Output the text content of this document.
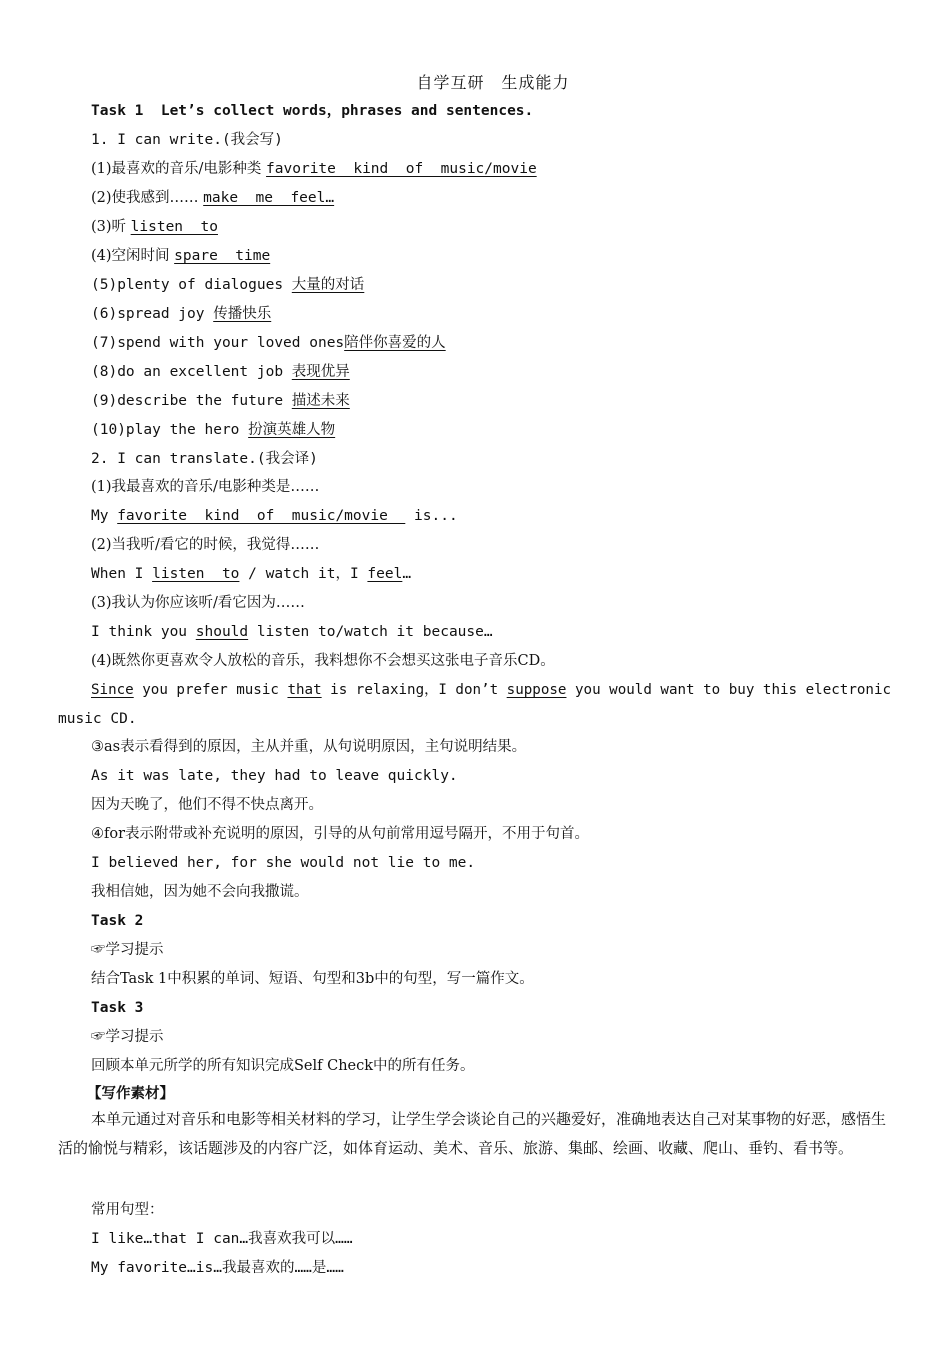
自学互研　生成能力
Task 1  Let’s collect words，phrases and sentences.
1. I can write.(我会写)
(1)最喜欢的音乐/电影种类 favorite  kind  of  music/movie
(2)使我感到…… make  me  feel…
(3)听 listen  to
(4)空闲时间 spare  time
(5)plenty of dialogues 大量的对话
(6)spread joy 传播快乐
(7)spend with your loved ones陪伴你喜爱的人
(8)do an excellent job 表现优异
(9)describe the future 描述未来
(10)play the hero 扮演英雄人物
2. I can translate.(我会译)
(1)我最喜欢的音乐/电影种类是……
My favorite  kind  of  music/movie   is...
(2)当我听/看它的时候，我觉得……
When I listen  to / watch it，I feel…
(3)我认为你应该听/看它因为……
I think you should listen to/watch it because…
(4)既然你更喜欢令人放松的音乐，我料想你不会想买这张电子音乐CD。
Since you prefer music that is relaxing，I don’t suppose you would want to buy this electronic
music CD.
③as表示看得到的原因，主从并重，从句说明原因，主句说明结果。
As it was late, they had to leave quickly.
因为天晚了，他们不得不快点离开。
④for表示附带或补充说明的原因，引导的从句前常用逗号隔开，不用于句首。
I believed her, for she would not lie to me.
我相信她，因为她不会向我撒谎。
Task 2
☞学习提示
结合Task 1中积累的单词、短语、句型和3b中的句型，写一篇作文。
Task 3
☞学习提示
回顾本单元所学的所有知识完成Self Check中的所有任务。
【写作素材】
本单元通过对音乐和电影等相关材料的学习，让学生学会谈论自己的兴趣爱好，准确地表达自己对某事物的好恶，感悟生活的愉悦与精彩，该话题涉及的内容广泛，如体育运动、美术、音乐、旅游、集邮、绘画、收藏、爬山、垂钓、看书等。
常用句型：
I like…that I can…我喜欢我可以……
My favorite…is…我最喜欢的……是……
